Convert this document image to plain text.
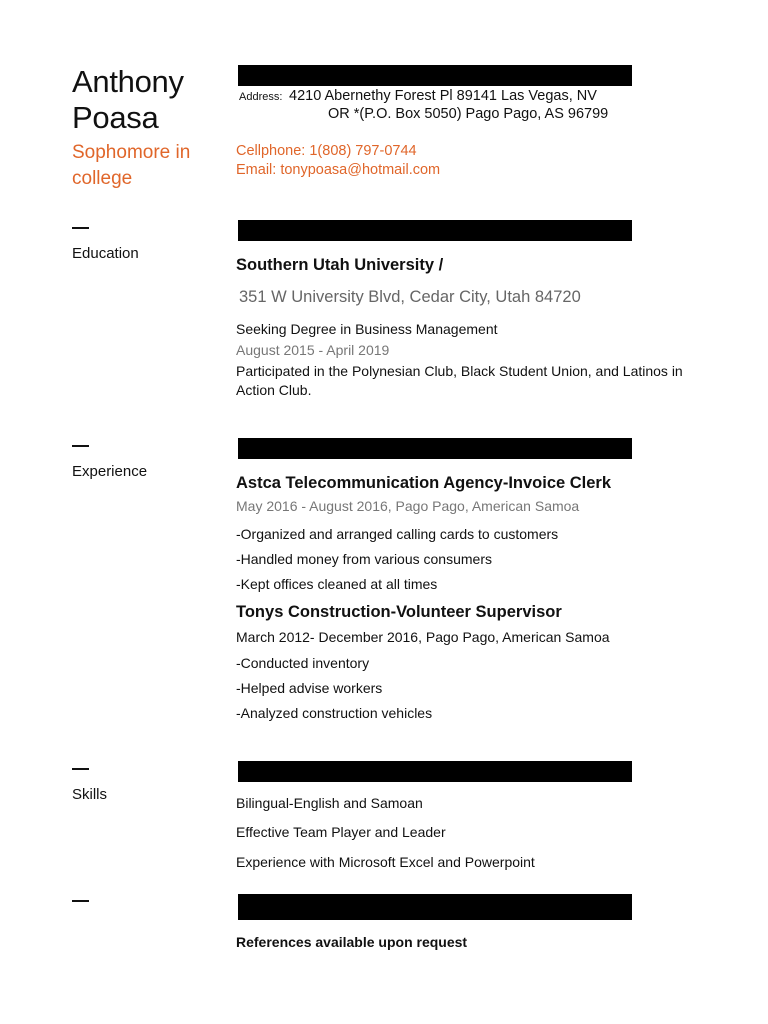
Anthony
Poasa
Sophomore in college
Address: 4210 Abernethy Forest Pl 89141 Las Vegas, NV
OR *(P.O. Box 5050) Pago Pago, AS 96799
Cellphone: 1(808) 797-0744
Email: tonypoasa@hotmail.com
Education
Southern Utah University /
351 W University Blvd, Cedar City, Utah 84720
Seeking Degree in Business Management
August 2015 - April 2019
Participated in the Polynesian Club, Black Student Union, and Latinos in Action Club.
Experience
Astca Telecommunication Agency-Invoice Clerk
May 2016 - August 2016, Pago Pago, American Samoa
-Organized and arranged calling cards to customers
-Handled money from various consumers
-Kept offices cleaned at all times
Tonys Construction-Volunteer Supervisor
March 2012- December 2016, Pago Pago, American Samoa
-Conducted inventory
-Helped advise workers
-Analyzed construction vehicles
Skills	Bilingual-English and Samoan
Effective Team Player and Leader
Experience with Microsoft Excel and Powerpoint
References available upon request
